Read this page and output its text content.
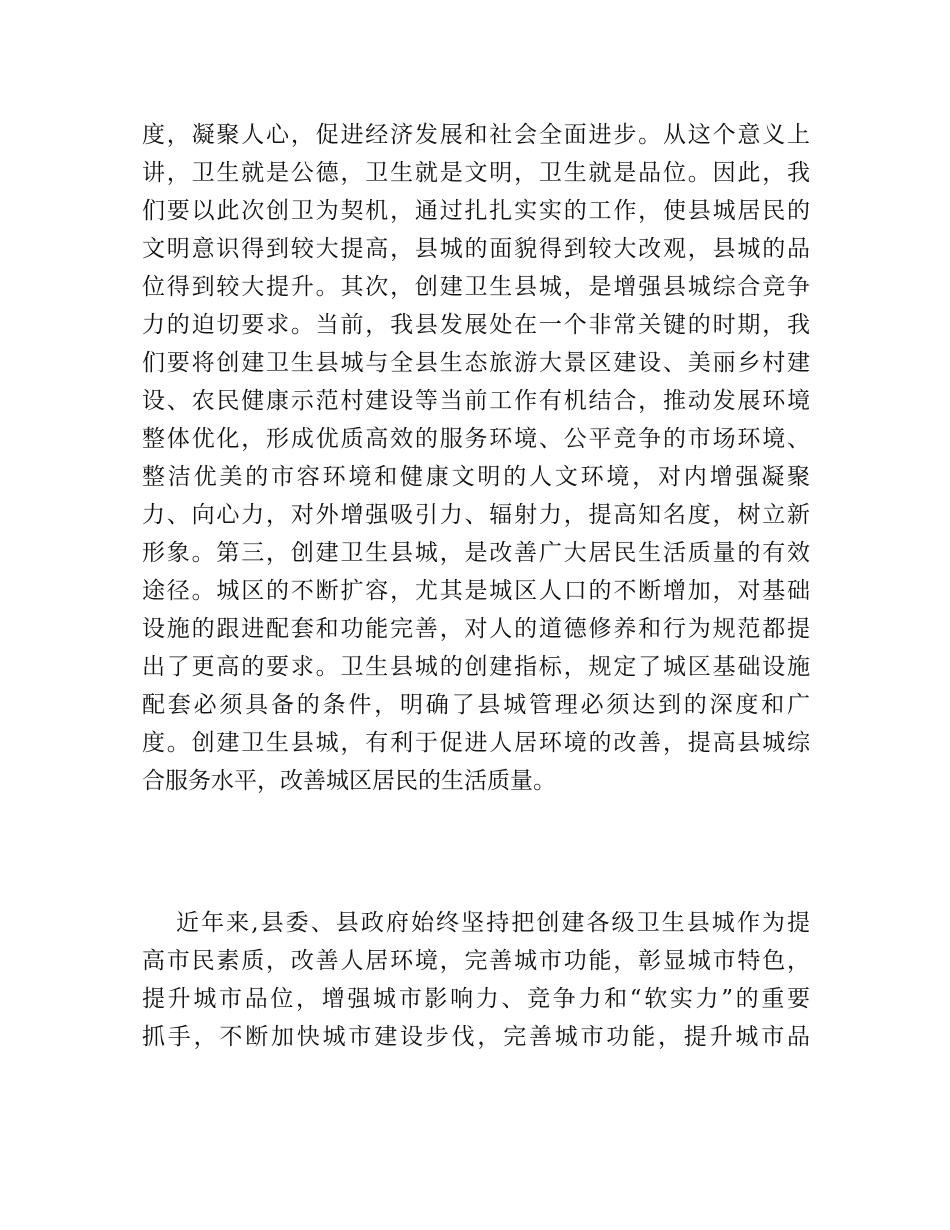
度，凝聚人心，促进经济发展和社会全面进步。从这个意义上
讲，卫生就是公德，卫生就是文明，卫生就是品位。因此，我
们要以此次创卫为契机，通过扎扎实实的工作，使县城居民的
文明意识得到较大提高，县城的面貌得到较大改观，县城的品
位得到较大提升。其次，创建卫生县城，是增强县城综合竞争
力的迫切要求。当前，我县发展处在一个非常关键的时期，我
们要将创建卫生县城与全县生态旅游大景区建设、美丽乡村建
设、农民健康示范村建设等当前工作有机结合，推动发展环境
整体优化，形成优质高效的服务环境、公平竞争的市场环境、
整洁优美的市容环境和健康文明的人文环境，对内增强凝聚
力、向心力，对外增强吸引力、辐射力，提高知名度，树立新
形象。第三，创建卫生县城，是改善广大居民生活质量的有效
途径。城区的不断扩容，尤其是城区人口的不断增加，对基础
设施的跟进配套和功能完善，对人的道德修养和行为规范都提
出了更高的要求。卫生县城的创建指标，规定了城区基础设施
配套必须具备的条件，明确了县城管理必须达到的深度和广
度。创建卫生县城，有利于促进人居环境的改善，提高县城综
合服务水平，改善城区居民的生活质量。
近年来,县委、县政府始终坚持把创建各级卫生县城作为提
高市民素质，改善人居环境，完善城市功能，彰显城市特色，
提升城市品位，增强城市影响力、竞争力和“软实力”的重要
抓手，不断加快城市建设步伐，完善城市功能，提升城市品
